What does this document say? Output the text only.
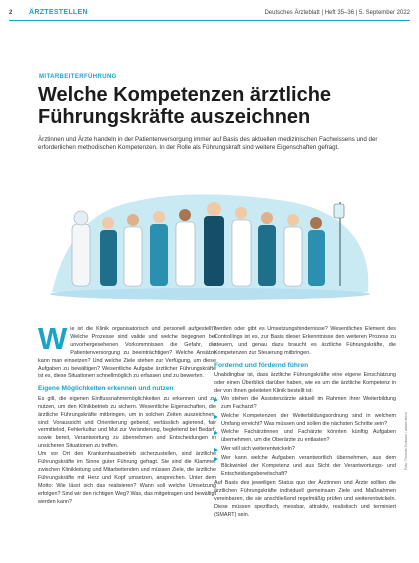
2 ÄRZTESTELLEN	Deutsches Ärzteblatt | Heft 35–36 | 5. September 2022
MITARBEITERFÜHRUNG
Welche Kompetenzen ärztliche Führungskräfte auszeichnen

Ärztinnen und Ärzte handeln in der Patientenversorgung immer auf Basis des aktuellen medizinischen Fachwissens und der erforderlichen methodischen Kompetenzen. In der Rolle als Führungskraft sind weitere Eigenschaften gefragt.

W ie ist die Klinik organisatorisch und personell aufgestellt? Welche Prozesse sind valide und welche begegnen bei unvorhergesehenen Vorkommnissen die Gefahr, die Patientenversorgung zu beeinträchtigen? Welche Ansätze kann man einsetzen? Und welche Ziele stehen zur Verfügung, um diese Aufgaben zu bewältigen? Wesentliche Aufgabe ärztlicher Führungskräfte ist es, diese Situationen schnellmöglich zu erfassen und zu bewerten.

Eigene Möglichkeiten erkennen und nutzen

Es gilt, die eigenen Einflussnahmemöglichkeiten zu erkennen und zu nutzen, um den Klinikbetrieb zu sichern. Wesentliche Eigenschaften, die ärztliche Führungskräfte mitbringen, um in solchen Zeiten auszeichnen, sind: Voraussicht und Orientierung gebend, verlässlich agierend, fair vermittelnd, Fehlerkultur und Mut zur Veränderung, begleitend bei Bedarf, sowie bereit, Verantwortung zu übernehmen und Entscheidungen in unsicheren Situationen zu treffen.

Um vor Ort den Krankenhausbetrieb sicherzustellen, sind ärztliche Führungskräfte im Sinne guter Führung gefragt. Sie sind die Klammer zwischen Klinikleitung und Mitarbeitenden und müssen Ziele, die ärztliche Führungskräfte mit Herz und Kopf umsetzen, ansprechen. Unter dem Motto: Wie lässt sich das realisieren? Wann soll welche Umsetzung erfolgen? Sind wir den richtigen Weg? Was, das mitgetragen und bewältigt werden kann?

werden oder gibt es Umsetzungshindernisse? Wesentliches Element des Controllings ist es, zur Basis dieser Erkenntnisse den weiteren Prozess zu steuern, und genau dazu braucht es ärztliche Führungskräfte, die Kompetenzen zur Steuerung mitbringen.

Fordernd und fördernd führen

Unabdingbar ist, dass ärztliche Führungskräfte eine eigene Einschätzung oder einen Überblick darüber haben, wie es um die ärztliche Kompetenz in der von ihnen geleiteten Klinik bestellt ist:

Wo stehen die Assistenzärzte aktuell im Rahmen ihrer Weiterbildung zum Facharzt?
Welche Kompetenzen der Weiterbildungsordnung sind in welchem Umfang erreicht? Was müssen und sollen die nächsten Schritte sein?
Welche Fachärztinnen und Fachärzte könnten künftig Aufgaben übernehmen, um die Oberärzte zu entlasten?
Wer will sich weiterentwickeln?
Wer kann welche Aufgaben verantwortlich übernehmen, aus dem Blickwinkel der Kompetenz und aus Sicht der Verantwortungs- und Entscheidungsbereitschaft?

Auf Basis des jeweiligen Status quo der Ärztinnen und Ärzte sollten die ärztlichen Führungskräfte individuell gemeinsam Ziele und Maßnahmen vereinbaren, die sie anschließend regelmäßig prüfen und weiterentwickeln. Diese müssen spezifisch, messbar, attraktiv, realistisch und terminiert (SMART) sein.

Foto: Thomas Schwarz / adobe.stock
